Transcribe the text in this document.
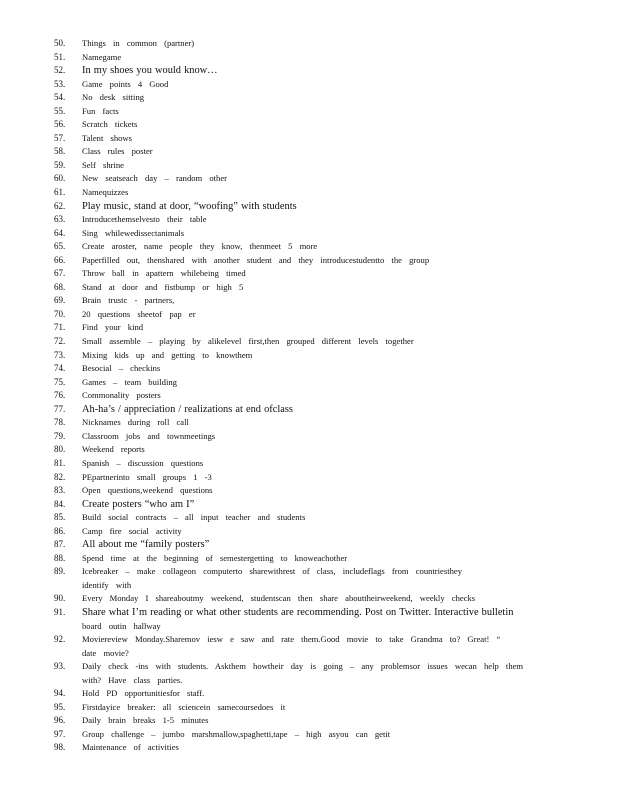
50.	Things in common (partner)
51.	Namegame
52.	In my shoes you would know…
53.	Game points 4 Good
54.	No desk sitting
55.	Fun facts
56.	Scratch tickets
57.	Talent shows
58.	Class rules poster
59.	Self shrine
60.	New seatseach day – random other
61.	Namequizzes
62.	Play music, stand at door, “woofing” with students
63.	Introducethemselvesto their table
64.	Sing whilewedissectanimals
65.	Create aroster, name people they know, thenmeet 5 more
66.	Paperfilled out, thenshared with another student and they introducestudentto the group
67.	Throw ball in apattern whilebeing timed
68.	Stand at door and fistbump or high 5
69.	Brain trustc - partners,
70.	20 questions sheetof pap er
71.	Find your kind
72.	Small assemble – playing by alikelevel first,then grouped different levels together
73.	Mixing kids up and getting to knowthem
74.	Besocial – checkins
75.	Games – team building
76.	Commonality posters
77.	Ah-ha’s / appreciation / realizations at end ofclass
78.	Nicknames during roll call
79.	Classroom jobs and townmeetings
80.	Weekend reports
81.	Spanish – discussion questions
82.	PEpartnerinto small groups 1 -3
83.	Open questions,weekend questions
84.	Create posters “who am I”
85.	Build social contracts – all input teacher and students
86.	Camp fire social activity
87.	All about me “family posters”
88.	Spend time at the beginning of semestergetting to knoweachother
89.	Icebreaker – make collageon computerto sharewithrest of class, includeflags from countriesthey
identify with
90.	Every Monday I shareaboutmy weekend, studentscan then share abouttheirweekend, weekly checks
91.	Share what I’m reading or what other students are recommending. Post on Twitter. Interactive bulletin
board outin hallway
92.	Moviereview Monday.Sharemov iesw e saw and rate them.Good movie to take Grandma to? Great! “
date movie?
93.	Daily check -ins with students. Askthem howtheir day is going – any problemsor issues wecan help them
with? Have class parties.
94.	Hold PD opportunitiesfor staff.
95.	Firstdayice breaker: all sciencein samecoursedoes it
96.	Daily brain breaks 1-5 minutes
97.	Group challenge – jumbo marshmallow,spaghetti,tape – high asyou can getit
98.	Maintenance of activities
